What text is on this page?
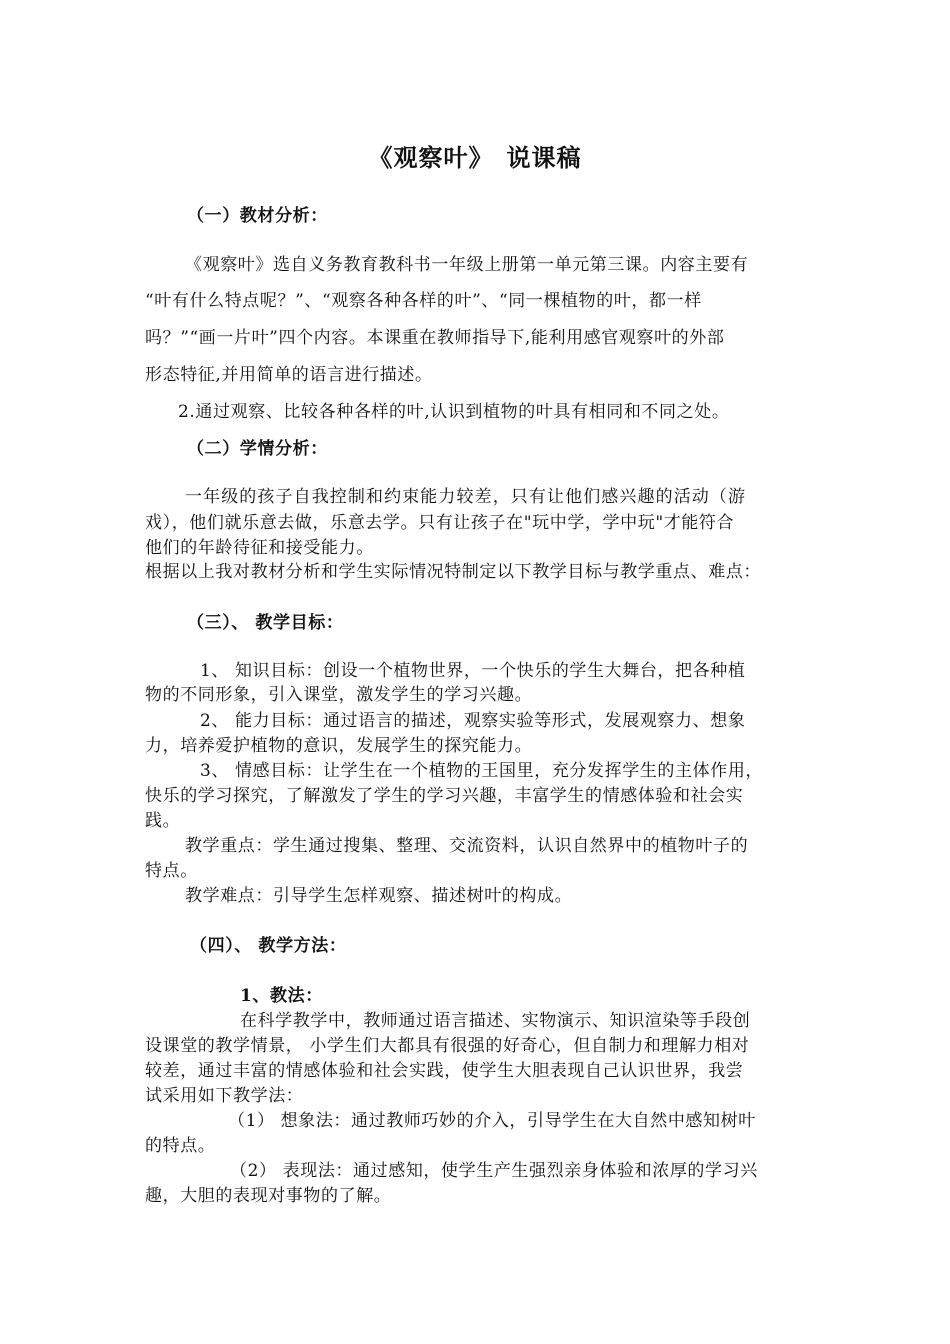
《观察叶》　说课稿
（一）教材分析：
《观察叶》选自义务教育教科书一年级上册第一单元第三课。内容主要有
“叶有什么特点呢？”、“观察各种各样的叶”、“同一棵植物的叶，都一样
吗？”“画一片叶”四个内容。本课重在教师指导下,能利用感官观察叶的外部
形态特征,并用简单的语言进行描述。
2.通过观察、比较各种各样的叶,认识到植物的叶具有相同和不同之处。
（二）学情分析：
一年级的孩子自我控制和约束能力较差，只有让他们感兴趣的活动（游
戏），他们就乐意去做，乐意去学。只有让孩子在"玩中学，学中玩"才能符合
他们的年龄待征和接受能力。
根据以上我对教材分析和学生实际情况特制定以下教学目标与教学重点、难点：
（三）、 教学目标：
1、 知识目标：创设一个植物世界，一个快乐的学生大舞台，把各种植
物的不同形象，引入课堂，激发学生的学习兴趣。
2、 能力目标：通过语言的描述，观察实验等形式，发展观察力、想象
力，培养爱护植物的意识，发展学生的探究能力。
3、 情感目标：让学生在一个植物的王国里，充分发挥学生的主体作用，
快乐的学习探究，了解激发了学生的学习兴趣，丰富学生的情感体验和社会实
践。
教学重点：学生通过搜集、整理、交流资料，认识自然界中的植物叶子的
特点。
教学难点：引导学生怎样观察、描述树叶的构成。
（四）、 教学方法：
1、教法：
在科学教学中，教师通过语言描述、实物演示、知识渲染等手段创
设课堂的教学情景， 小学生们大都具有很强的好奇心，但自制力和理解力相对
较差，通过丰富的情感体验和社会实践，使学生大胆表现自己认识世界，我尝
试采用如下教学法：
（1） 想象法：通过教师巧妙的介入，引导学生在大自然中感知树叶
的特点。
（2） 表现法：通过感知，使学生产生强烈亲身体验和浓厚的学习兴
趣，大胆的表现对事物的了解。
